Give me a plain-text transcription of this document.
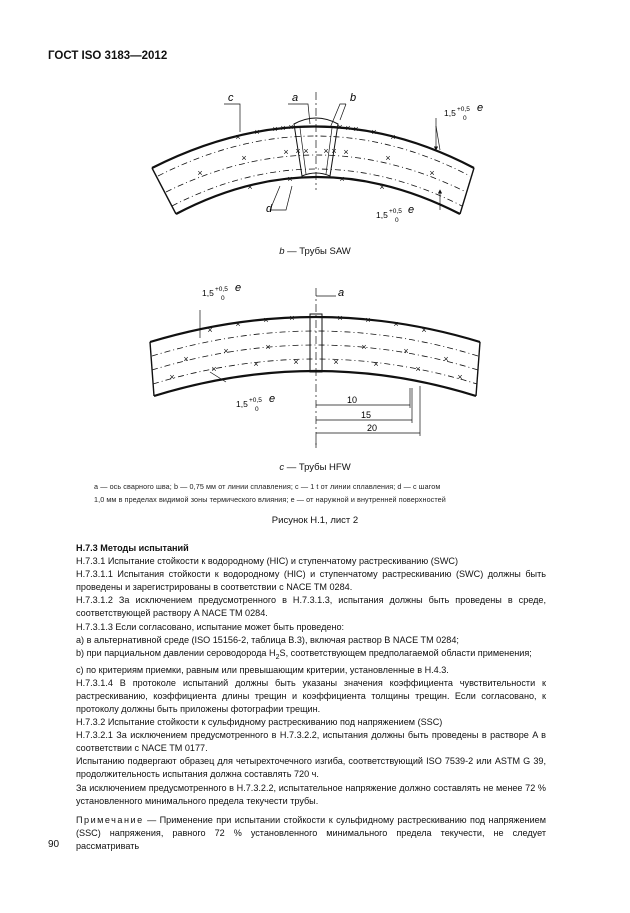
ГОСТ ISO 3183—2012
× × × × ×	× × × × ×
×
×
× × × × × ×
×
×
×	×
×	×
c	a	b
d
1,5 +0,5
0
e
1,5 +0,5
0
e
b — Трубы SAW
×
×	× ×	×	×	×
×
×
×	×	×	×
×
×
×	×	×	×	×	×
×
a
1,5 +0,5
0
e
1,5 +0,5
0
e	10
15
20
c — Трубы HFW
a — ось сварного шва; b — 0,75 мм от линии сплавления; c — 1 t от линии сплавления; d — с шагом
1,0 мм в пределах видимой зоны термического влияния; e — от наружной и внутренней поверхностей
Рисунок Н.1, лист 2

Н.7.3 Методы испытаний

Н.7.3.1 Испытание стойкости к водородному (HIC) и ступенчатому растрескиванию (SWC)

Н.7.3.1.1 Испытания стойкости к водородному (HIC) и ступенчатому растрескиванию (SWC) должны быть проведены и зарегистрированы в соответствии с NACE TM 0284.

Н.7.3.1.2 За исключением предусмотренного в Н.7.3.1.3, испытания должны быть проведены в среде, соответствующей раствору A NACE TM 0284.

Н.7.3.1.3 Если согласовано, испытание может быть проведено:

a) в альтернативной среде (ISO 15156-2, таблица B.3), включая раствор B NACE TM 0284;

b) при парциальном давлении сероводорода $H_2S$, соответствующем предполагаемой области применения;

c) по критериям приемки, равным или превышающим критерии, установленные в Н.4.3.

Н.7.3.1.4 В протоколе испытаний должны быть указаны значения коэффициента чувствительности к растрескиванию, коэффициента длины трещин и коэффициента толщины трещин. Если согласовано, к протоколу должны быть приложены фотографии трещин.

Н.7.3.2 Испытание стойкости к сульфидному растрескиванию под напряжением (SSC)

Н.7.3.2.1 За исключением предусмотренного в Н.7.3.2.2, испытания должны быть проведены в растворе A в соответствии с NACE TM 0177.

Испытанию подвергают образец для четырехточечного изгиба, соответствующий ISO 7539-2 или ASTM G 39, продолжительность испытания должна составлять 720 ч.

За исключением предусмотренного в Н.7.3.2.2, испытательное напряжение должно составлять не менее 72 % установленного минимального предела текучести трубы.

Примечание — Применение при испытании стойкости к сульфидному растрескиванию под напряжением (SSC) напряжения, равного 72 % установленного минимального предела текучести, не следует рассматривать

90
